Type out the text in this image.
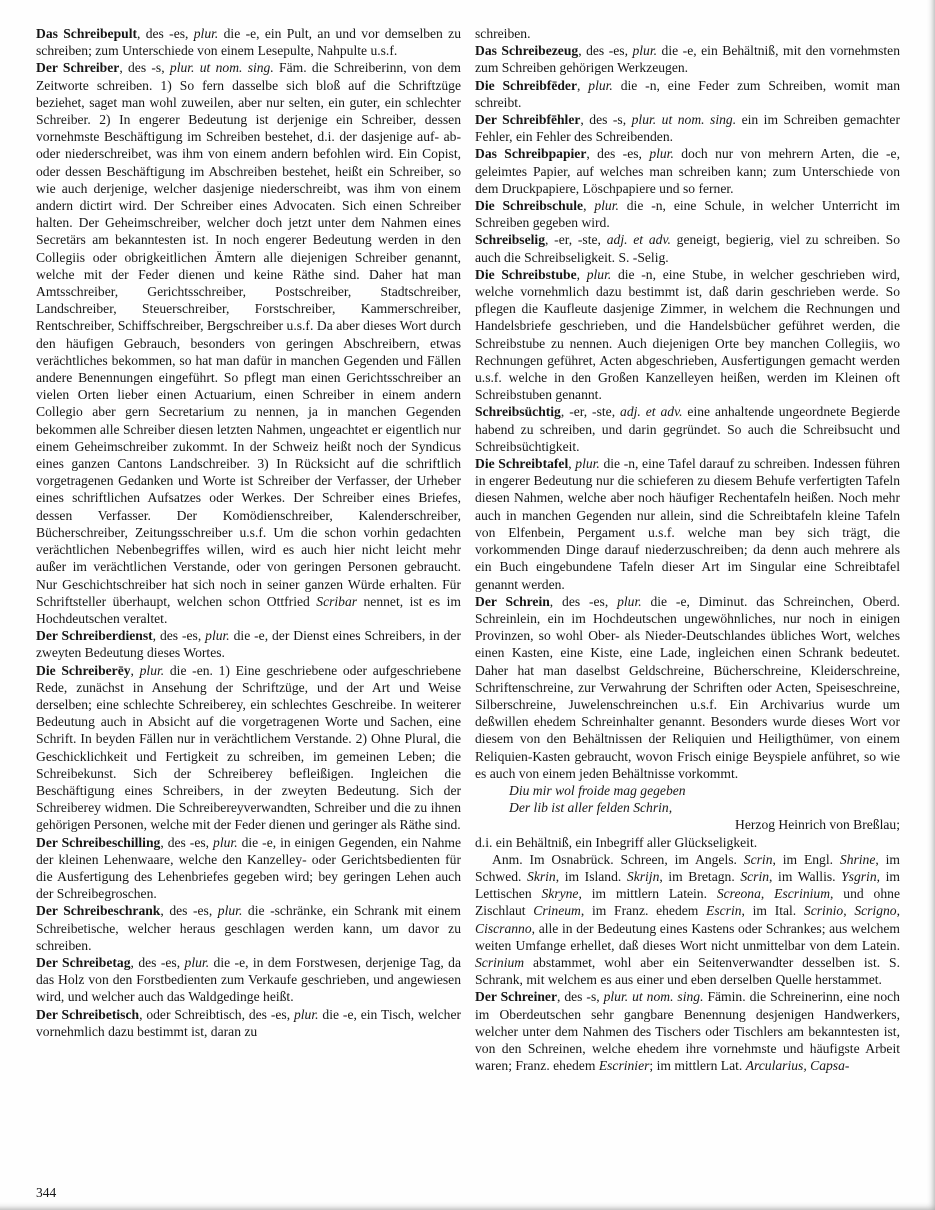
Das Schreibepult, des -es, plur. die -e, ein Pult, an und vor demselben zu schreiben; zum Unterschiede von einem Lesepulte, Nahpulte u.s.f.

Der Schreiber, des -s, plur. ut nom. sing. Fäm. die Schreiberinn, von dem Zeitworte schreiben. 1) So fern dasselbe sich bloß auf die Schriftzüge beziehet, saget man wohl zuweilen, aber nur selten, ein guter, ein schlechter Schreiber. 2) In engerer Bedeutung ist derjenige ein Schreiber, dessen vornehmste Beschäftigung im Schreiben bestehet, d.i. der dasjenige auf- ab- oder niederschreibet, was ihm von einem andern befohlen wird. Ein Copist, oder dessen Beschäftigung im Abschreiben bestehet, heißt ein Schreiber, so wie auch derjenige, welcher dasjenige niederschreibt, was ihm von einem andern dictirt wird. Der Schreiber eines Advocaten. Sich einen Schreiber halten. Der Geheimschreiber, welcher doch jetzt unter dem Nahmen eines Secretärs am bekanntesten ist. In noch engerer Bedeutung werden in den Collegiis oder obrigkeitlichen Ämtern alle diejenigen Schreiber genannt, welche mit der Feder dienen und keine Räthe sind. Daher hat man Amtsschreiber, Gerichtsschreiber, Postschreiber, Stadtschreiber, Landschreiber, Steuerschreiber, Forstschreiber, Kammerschreiber, Rentschreiber, Schiffschreiber, Bergschreiber u.s.f. Da aber dieses Wort durch den häufigen Gebrauch, besonders von geringen Abschreibern, etwas verächtliches bekommen, so hat man dafür in manchen Gegenden und Fällen andere Benennungen eingeführt. So pflegt man einen Gerichtsschreiber an vielen Orten lieber einen Actuarium, einen Schreiber in einem andern Collegio aber gern Secretarium zu nennen, ja in manchen Gegenden bekommen alle Schreiber diesen letzten Nahmen, ungeachtet er eigentlich nur einem Geheimschreiber zukommt. In der Schweiz heißt noch der Syndicus eines ganzen Cantons Landschreiber. 3) In Rücksicht auf die schriftlich vorgetragenen Gedanken und Worte ist Schreiber der Verfasser, der Urheber eines schriftlichen Aufsatzes oder Werkes. Der Schreiber eines Briefes, dessen Verfasser. Der Komödienschreiber, Kalenderschreiber, Bücherschreiber, Zeitungsschreiber u.s.f. Um die schon vorhin gedachten verächtlichen Nebenbegriffes willen, wird es auch hier nicht leicht mehr außer im verächtlichen Verstande, oder von geringen Personen gebraucht. Nur Geschichtschreiber hat sich noch in seiner ganzen Würde erhalten. Für Schriftsteller überhaupt, welchen schon Ottfried Scribar nennet, ist es im Hochdeutschen veraltet.

Der Schreiberdienst, des -es, plur. die -e, der Dienst eines Schreibers, in der zweyten Bedeutung dieses Wortes.

Die Schreiberēy, plur. die -en. 1) Eine geschriebene oder aufgeschriebene Rede, zunächst in Ansehung der Schriftzüge, und der Art und Weise derselben; eine schlechte Schreiberey, ein schlechtes Geschreibe. In weiterer Bedeutung auch in Absicht auf die vorgetragenen Worte und Sachen, eine Schrift. In beyden Fällen nur in verächtlichem Verstande. 2) Ohne Plural, die Geschicklichkeit und Fertigkeit zu schreiben, im gemeinen Leben; die Schreibekunst. Sich der Schreiberey befleißigen. Ingleichen die Beschäftigung eines Schreibers, in der zweyten Bedeutung. Sich der Schreiberey widmen. Die Schreibereyverwandten, Schreiber und die zu ihnen gehörigen Personen, welche mit der Feder dienen und geringer als Räthe sind.

Der Schreibeschilling, des -es, plur. die -e, in einigen Gegenden, ein Nahme der kleinen Lehenwaare, welche den Kanzelley- oder Gerichtsbedienten für die Ausfertigung des Lehenbriefes gegeben wird; bey geringen Lehen auch der Schreibegroschen.

Der Schreibeschrank, des -es, plur. die -schränke, ein Schrank mit einem Schreibetische, welcher heraus geschlagen werden kann, um davor zu schreiben.

Der Schreibetag, des -es, plur. die -e, in dem Forstwesen, derjenige Tag, da das Holz von den Forstbedienten zum Verkaufe geschrieben, und angewiesen wird, und welcher auch das Waldgedinge heißt.

Der Schreibetisch, oder Schreibtisch, des -es, plur. die -e, ein Tisch, welcher vornehmlich dazu bestimmt ist, daran zu

schreiben.

Das Schreibezeug, des -es, plur. die -e, ein Behältniß, mit den vornehmsten zum Schreiben gehörigen Werkzeugen.

Die Schreibfēder, plur. die -n, eine Feder zum Schreiben, womit man schreibt.

Der Schreibfēhler, des -s, plur. ut nom. sing. ein im Schreiben gemachter Fehler, ein Fehler des Schreibenden.

Das Schreibpapier, des -es, plur. doch nur von mehrern Arten, die -e, geleimtes Papier, auf welches man schreiben kann; zum Unterschiede von dem Druckpapiere, Löschpapiere und so ferner.

Die Schreibschule, plur. die -n, eine Schule, in welcher Unterricht im Schreiben gegeben wird.

Schreibselig, -er, -ste, adj. et adv. geneigt, begierig, viel zu schreiben. So auch die Schreibseligkeit. S. -Selig.

Die Schreibstube, plur. die -n, eine Stube, in welcher geschrieben wird, welche vornehmlich dazu bestimmt ist, daß darin geschrieben werde. So pflegen die Kaufleute dasjenige Zimmer, in welchem die Rechnungen und Handelsbriefe geschrieben, und die Handelsbücher geführet werden, die Schreibstube zu nennen. Auch diejenigen Orte bey manchen Collegiis, wo Rechnungen geführet, Acten abgeschrieben, Ausfertigungen gemacht werden u.s.f. welche in den Großen Kanzelleyen heißen, werden im Kleinen oft Schreibstuben genannt.

Schreibsüchtig, -er, -ste, adj. et adv. eine anhaltende ungeordnete Begierde habend zu schreiben, und darin gegründet. So auch die Schreibsucht und Schreibsüchtigkeit.

Die Schreibtafel, plur. die -n, eine Tafel darauf zu schreiben. Indessen führen in engerer Bedeutung nur die schieferen zu diesem Behufe verfertigten Tafeln diesen Nahmen, welche aber noch häufiger Rechentafeln heißen. Noch mehr auch in manchen Gegenden nur allein, sind die Schreibtafeln kleine Tafeln von Elfenbein, Pergament u.s.f. welche man bey sich trägt, die vorkommenden Dinge darauf niederzuschreiben; da denn auch mehrere als ein Buch eingebundene Tafeln dieser Art im Singular eine Schreibtafel genannt werden.

Der Schrein, des -es, plur. die -e, Diminut. das Schreinchen, Oberd. Schreinlein, ein im Hochdeutschen ungewöhnliches, nur noch in einigen Provinzen, so wohl Ober- als Nieder-Deutschlandes übliches Wort, welches einen Kasten, eine Kiste, eine Lade, ingleichen einen Schrank bedeutet. Daher hat man daselbst Geldschreine, Bücherschreine, Kleiderschreine, Schriftenschreine, zur Verwahrung der Schriften oder Acten, Speiseschreine, Silberschreine, Juwelenschreinchen u.s.f. Ein Archivarius wurde um deßwillen ehedem Schreinhalter genannt. Besonders wurde dieses Wort vor diesem von den Behältnissen der Reliquien und Heiligthümer, von einem Reliquien-Kasten gebraucht, wovon Frisch einige Beyspiele anführet, so wie es auch von einem jeden Behältnisse vorkommt.

Diu mir wol froide mag gegeben

Der lib ist aller felden Schrin,

Herzog Heinrich von Breßlau;

d.i. ein Behältniß, ein Inbegriff aller Glückseligkeit.

Anm. Im Osnabrück. Schreen, im Angels. Scrin, im Engl. Shrine, im Schwed. Skrin, im Island. Skrijn, im Bretagn. Scrin, im Wallis. Ysgrin, im Lettischen Skryne, im mittlern Latein. Screona, Escrinium, und ohne Zischlaut Crineum, im Franz. ehedem Escrin, im Ital. Scrinio, Scrigno, Ciscranno, alle in der Bedeutung eines Kastens oder Schrankes; aus welchem weiten Umfange erhellet, daß dieses Wort nicht unmittelbar von dem Latein. Scrinium abstammet, wohl aber ein Seitenverwandter desselben ist. S. Schrank, mit welchem es aus einer und eben derselben Quelle herstammet.

Der Schreiner, des -s, plur. ut nom. sing. Fämin. die Schreinerinn, eine noch im Oberdeutschen sehr gangbare Benennung desjenigen Handwerkers, welcher unter dem Nahmen des Tischers oder Tischlers am bekanntesten ist, von den Schreinen, welche ehedem ihre vornehmste und häufigste Arbeit waren; Franz. ehedem Escrinier; im mittlern Lat. Arcularius, Capsa-

344
